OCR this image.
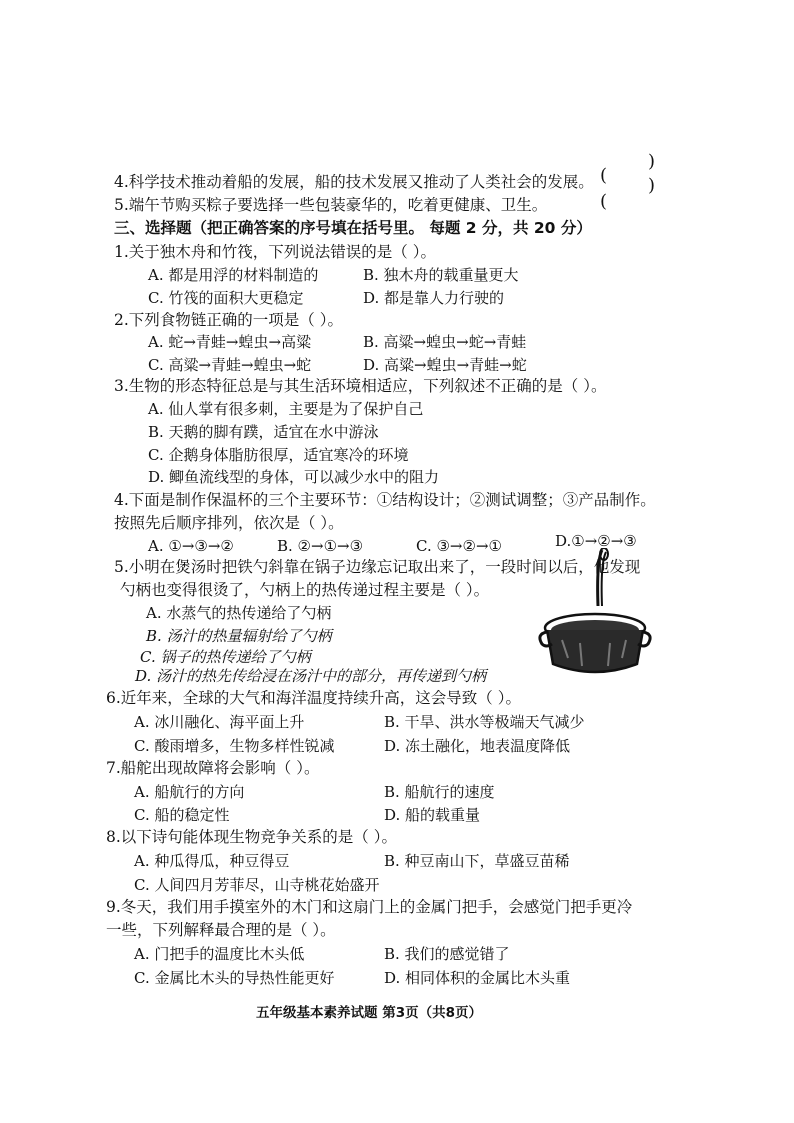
)
4.科学技术推动着船的发展，船的技术发展又推动了人类社会的发展。 ( )
5.端午节购买粽子要选择一些包装豪华的，吃着更健康、卫生。	(
三、选择题（把正确答案的序号填在括号里。 每题 2 分，共 20 分）
1.关于独木舟和竹筏，下列说法错误的是（ ）。
A. 都是用浮的材料制造的	B. 独木舟的载重量更大
C. 竹筏的面积大更稳定	D. 都是靠人力行驶的
2.下列食物链正确的一项是（ ）。
A. 蛇→青蛙→蝗虫→高粱	B. 高粱→蝗虫→蛇→青蛙
C. 高粱→青蛙→蝗虫→蛇	D. 高粱→蝗虫→青蛙→蛇
3.生物的形态特征总是与其生活环境相适应，下列叙述不正确的是（ ）。
A. 仙人掌有很多刺，主要是为了保护自己
B. 天鹅的脚有蹼，适宜在水中游泳
C. 企鹅身体脂肪很厚，适宜寒冷的环境
D. 鲫鱼流线型的身体，可以减少水中的阻力
4.下面是制作保温杯的三个主要环节：①结构设计；②测试调整；③产品制作。
按照先后顺序排列，依次是（ ）。
A. ①→③→②	B. ②→①→③	C. ③→②→①	D.①→②→③
5.小明在煲汤时把铁勺斜靠在锅子边缘忘记取出来了，一段时间以后，他发现
勺柄也变得很烫了，勺柄上的热传递过程主要是（ ）。
A. 水蒸气的热传递给了勺柄
B. 汤汁的热量辐射给了勺柄
C. 锅子的热传递给了勺柄
D. 汤汁的热先传给浸在汤汁中的部分，再传递到勺柄
6.近年来，全球的大气和海洋温度持续升高，这会导致（ ）。
A. 冰川融化、海平面上升	B. 干旱、洪水等极端天气减少
C. 酸雨增多，生物多样性锐减	D. 冻土融化，地表温度降低
7.船舵出现故障将会影响（ ）。
A. 船航行的方向	B. 船航行的速度
C. 船的稳定性	D. 船的载重量
8.以下诗句能体现生物竞争关系的是（ ）。
A. 种瓜得瓜，种豆得豆	B. 种豆南山下，草盛豆苗稀
C. 人间四月芳菲尽，山寺桃花始盛开
9.冬天，我们用手摸室外的木门和这扇门上的金属门把手，会感觉门把手更冷
一些，下列解释最合理的是（ ）。
A. 门把手的温度比木头低	B. 我们的感觉错了
C. 金属比木头的导热性能更好	D. 相同体积的金属比木头重
五年级基本素养试题 第3页（共8页）
